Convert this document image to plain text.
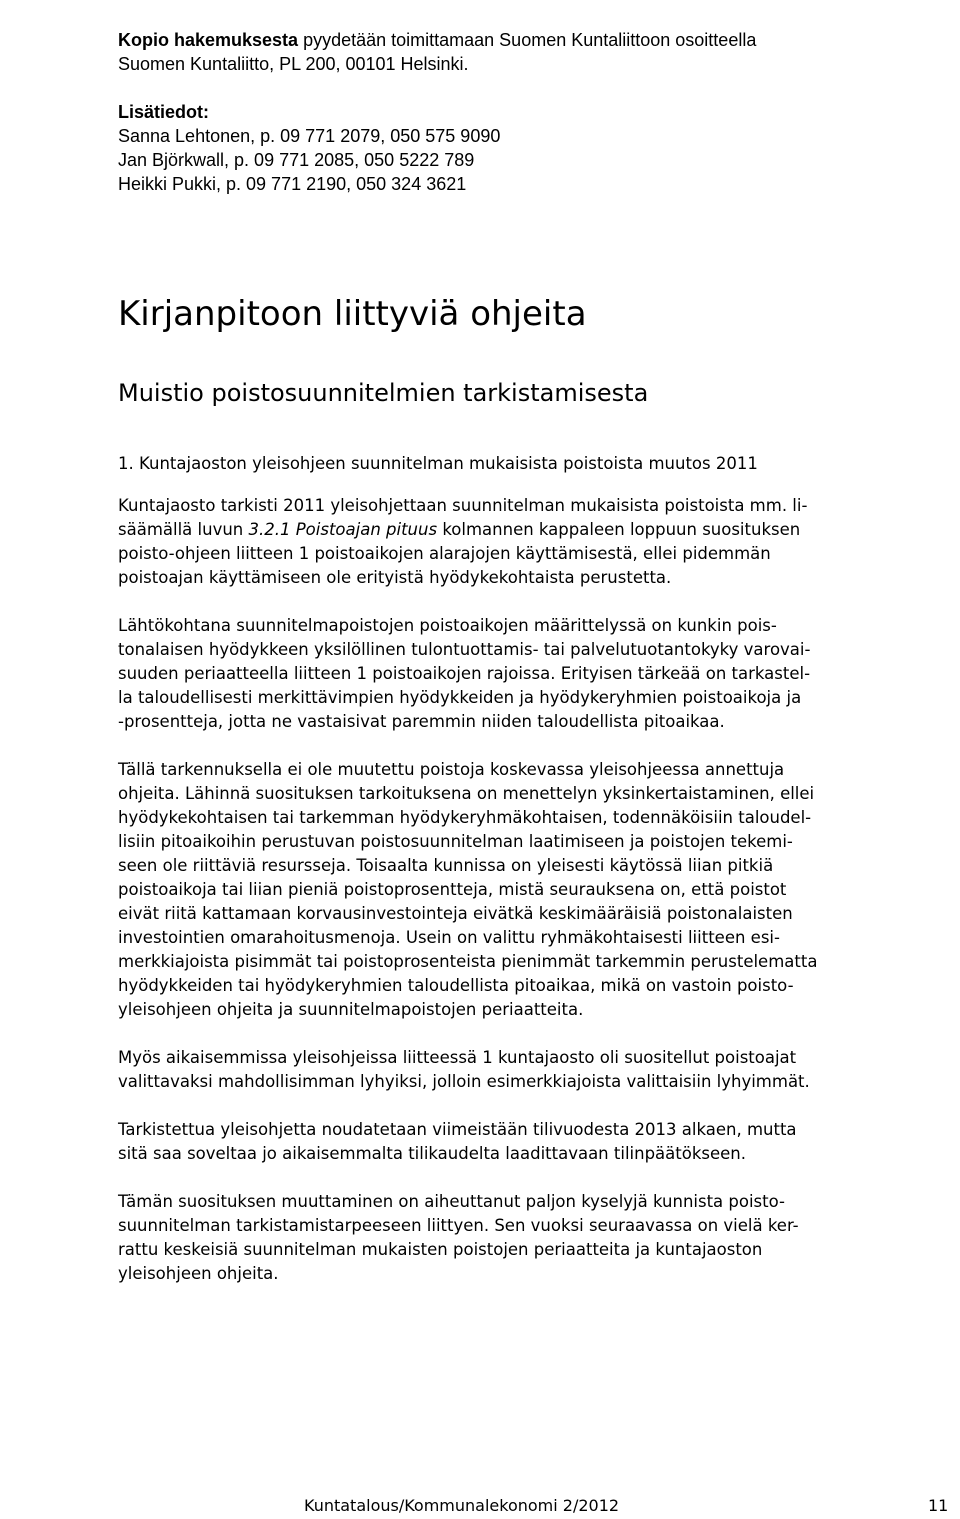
Kopio hakemuksesta pyydetään toimittamaan Suomen Kuntaliittoon osoitteella
Suomen Kuntaliitto, PL 200, 00101 Helsinki.

Lisätiedot:
Sanna Lehtonen, p. 09 771 2079, 050 575 9090
Jan Björkwall, p. 09 771 2085, 050 5222 789
Heikki Pukki, p. 09 771 2190, 050 324 3621
Kirjanpitoon liittyviä ohjeita
Muistio poistosuunnitelmien tarkistamisesta

1. Kuntajaoston yleisohjeen suunnitelman mukaisista poistoista muutos 2011

Kuntajaosto tarkisti 2011 yleisohjettaan suunnitelman mukaisista poistoista mm. li-
säämällä luvun 3.2.1 Poistoajan pituus kolmannen kappaleen loppuun suosituksen
poisto-ohjeen liitteen 1 poistoaikojen alarajojen käyttämisestä, ellei pidemmän
poistoajan käyttämiseen ole erityistä hyödykekohtaista perustetta.

Lähtökohtana suunnitelmapoistojen poistoaikojen määrittelyssä on kunkin pois-
tonalaisen hyödykkeen yksilöllinen tulontuottamis- tai palvelutuotantokyky varovai-
suuden periaatteella liitteen 1 poistoaikojen rajoissa. Erityisen tärkeää on tarkastel-
la taloudellisesti merkittävimpien hyödykkeiden ja hyödykeryhmien poistoaikoja ja
-prosentteja, jotta ne vastaisivat paremmin niiden taloudellista pitoaikaa.

Tällä tarkennuksella ei ole muutettu poistoja koskevassa yleisohjeessa annettuja
ohjeita. Lähinnä suosituksen tarkoituksena on menettelyn yksinkertaistaminen, ellei
hyödykekohtaisen tai tarkemman hyödykeryhmäkohtaisen, todennäköisiin taloudel-
lisiin pitoaikoihin perustuvan poistosuunnitelman laatimiseen ja poistojen tekemi-
seen ole riittäviä resursseja. Toisaalta kunnissa on yleisesti käytössä liian pitkiä
poistoaikoja tai liian pieniä poistoprosentteja, mistä seurauksena on, että poistot
eivät riitä kattamaan korvausinvestointeja eivätkä keskimääräisiä poistonalaisten
investointien omarahoitusmenoja. Usein on valittu ryhmäkohtaisesti liitteen esi-
merkkiajoista pisimmät tai poistoprosenteista pienimmät tarkemmin perustelematta
hyödykkeiden tai hyödykeryhmien taloudellista pitoaikaa, mikä on vastoin poisto-
yleisohjeen ohjeita ja suunnitelmapoistojen periaatteita.

Myös aikaisemmissa yleisohjeissa liitteessä 1 kuntajaosto oli suositellut poistoajat
valittavaksi mahdollisimman lyhyiksi, jolloin esimerkkiajoista valittaisiin lyhyimmät.

Tarkistettua yleisohjetta noudatetaan viimeistään tilivuodesta 2013 alkaen, mutta
sitä saa soveltaa jo aikaisemmalta tilikaudelta laadittavaan tilinpäätökseen.

Tämän suosituksen muuttaminen on aiheuttanut paljon kyselyjä kunnista poisto-
suunnitelman tarkistamistarpeeseen liittyen. Sen vuoksi seuraavassa on vielä ker-
rattu keskeisiä suunnitelman mukaisten poistojen periaatteita ja kuntajaoston
yleisohjeen ohjeita.

Kuntatalous/Kommunalekonomi 2/2012	11
